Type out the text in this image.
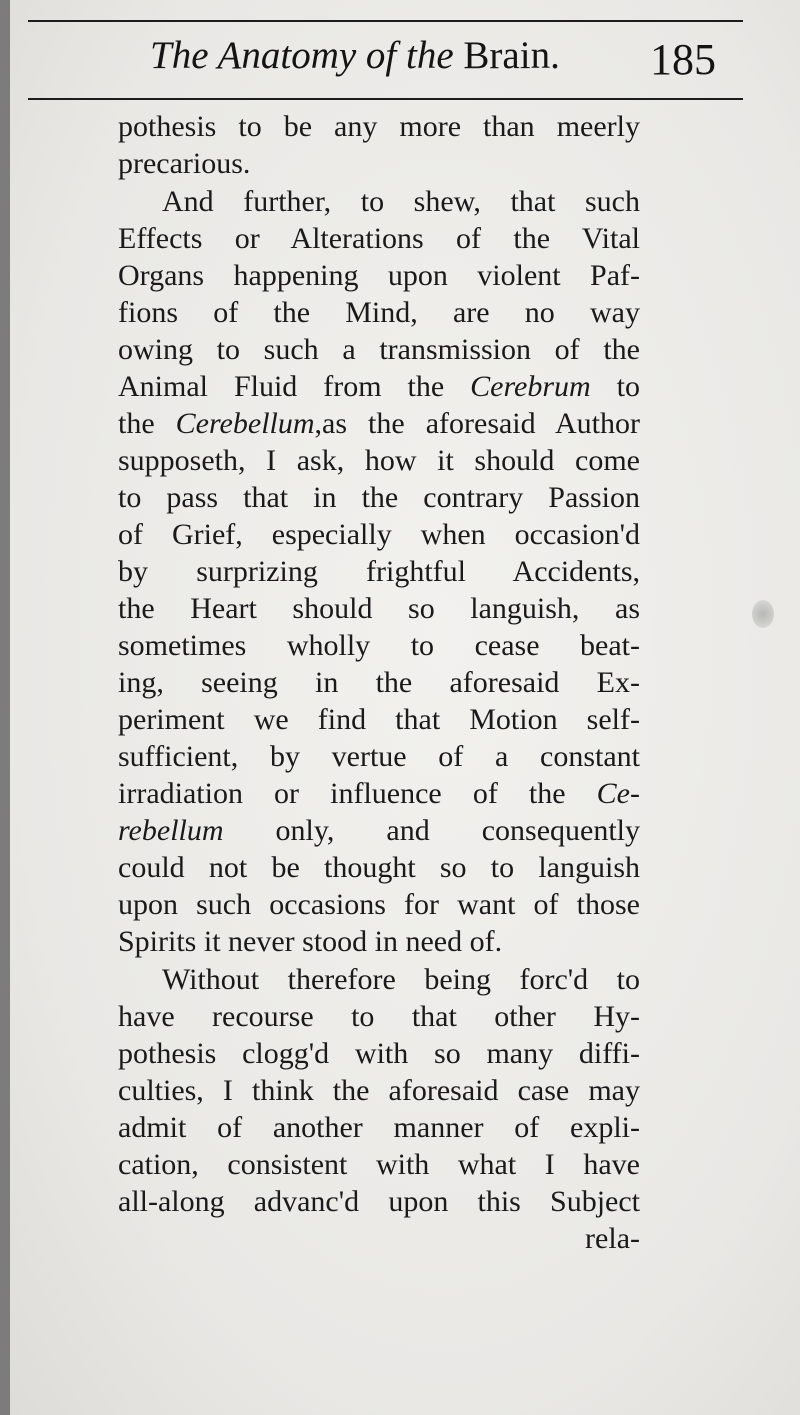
The Anatomy of the Brain. 185
pothesis to be any more than meerly
precarious.
And further, to shew, that such
Effects or Alterations of the Vital
Organs happening upon violent Paf-
fions of the Mind, are no way
owing to such a transmission of the
Animal Fluid from the Cerebrum to
the Cerebellum,as the aforesaid Author
supposeth, I ask, how it should come
to pass that in the contrary Passion
of Grief, especially when occasion'd
by surprizing frightful Accidents,
the Heart should so languish, as
sometimes wholly to cease beat-
ing, seeing in the aforesaid Ex-
periment we find that Motion self-
sufficient, by vertue of a constant
irradiation or influence of the Ce-
rebellum only, and consequently
could not be thought so to languish
upon such occasions for want of those
Spirits it never stood in need of.
Without therefore being forc'd to
have recourse to that other Hy-
pothesis clogg'd with so many diffi-
culties, I think the aforesaid case may
admit of another manner of expli-
cation, consistent with what I have
all-along advanc'd upon this Subject
rela-
